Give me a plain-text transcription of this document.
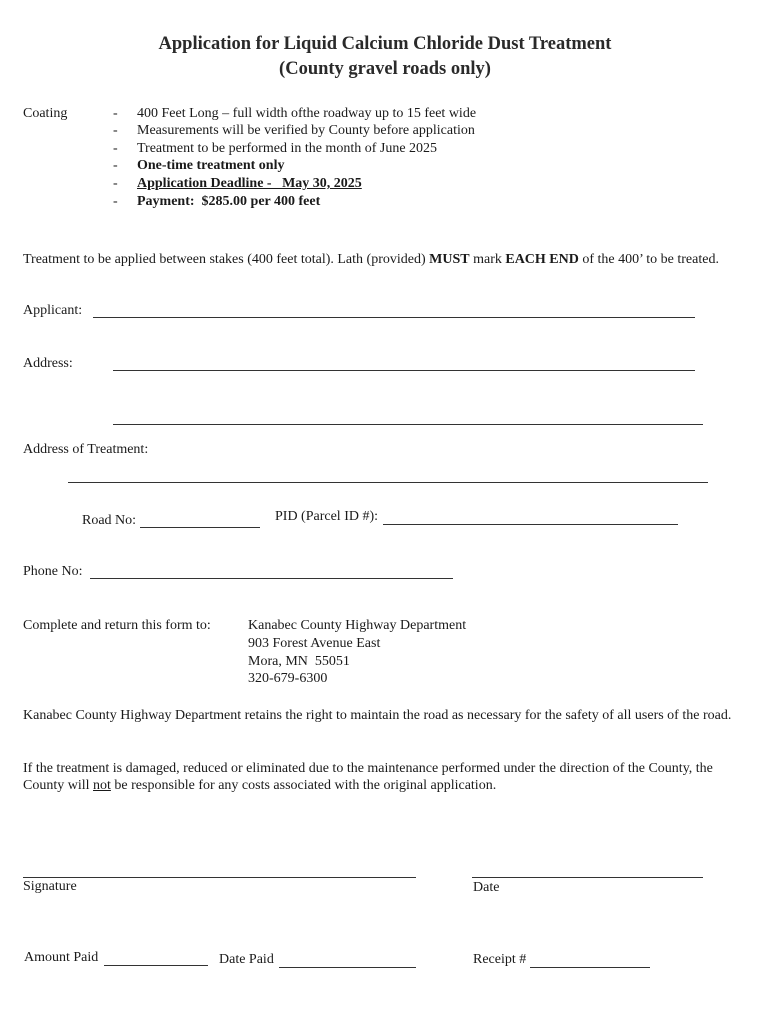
Application for Liquid Calcium Chloride Dust Treatment
(County gravel roads only)
Coating	- 400 Feet Long – full width ofthe roadway up to 15 feet wide
- Measurements will be verified by County before application
- Treatment to be performed in the month of June 2025
- One-time treatment only
- Application Deadline -   May 30, 2025
- Payment:  $285.00 per 400 feet
Treatment to be applied between stakes (400 feet total). Lath (provided) MUST mark EACH END of the 400’ to be treated.
Applicant:
Address:
Address of Treatment:
Road No:	PID (Parcel ID #):
Phone No:
Complete and return this form to:	Kanabec County Highway Department
903 Forest Avenue East
Mora, MN  55051
320-679-6300
Kanabec County Highway Department retains the right to maintain the road as necessary for the safety of all users of the road.
If the treatment is damaged, reduced or eliminated due to the maintenance performed under the direction of the County, the County will not be responsible for any costs associated with the original application.
Signature	Date
Amount Paid	Date Paid	Receipt #
